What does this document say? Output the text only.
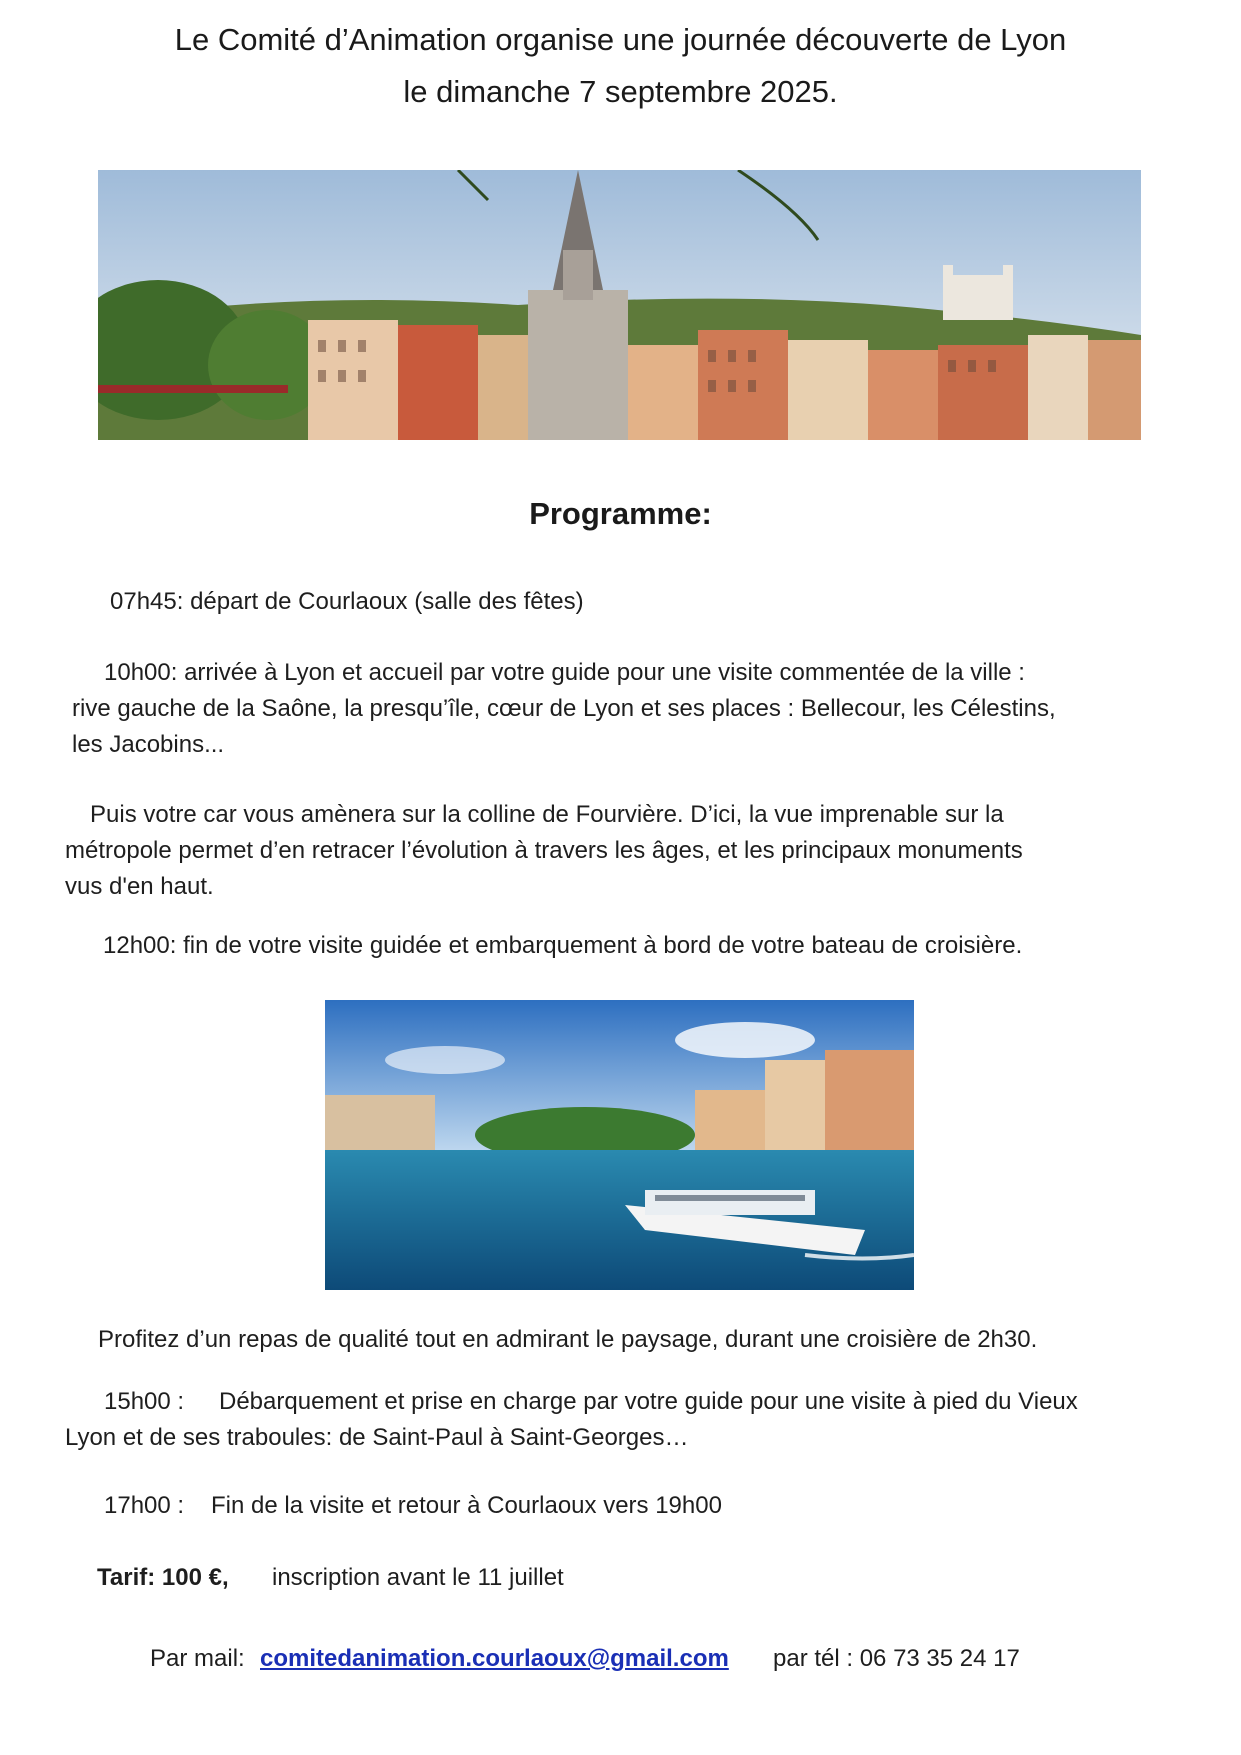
Le Comité d’Animation organise une journée découverte de Lyon
le dimanche 7 septembre 2025.
Programme:
07h45: départ de Courlaoux (salle des fêtes)
10h00: arrivée à Lyon et accueil par votre guide pour une visite commentée de la ville :
rive gauche de la Saône, la presqu’île, cœur de Lyon et ses places : Bellecour, les Célestins,
les Jacobins...
Puis votre car vous amènera sur la colline de Fourvière. D’ici, la vue imprenable sur la
métropole permet d’en retracer l’évolution à travers les âges, et les principaux monuments
vus d'en haut.
12h00: fin de votre visite guidée et embarquement à bord de votre bateau de croisière.
Profitez d’un repas de qualité tout en admirant le paysage, durant une croisière de 2h30.
15h00 : Débarquement et prise en charge par votre guide pour une visite à pied du Vieux
Lyon et de ses traboules: de Saint-Paul à Saint-Georges…
17h00 : Fin de la visite et retour à Courlaoux vers 19h00
Tarif: 100 €, inscription avant le 11 juillet
Par mail: comitedanimation.courlaoux@gmail.com par tél : 06 73 35 24 17
